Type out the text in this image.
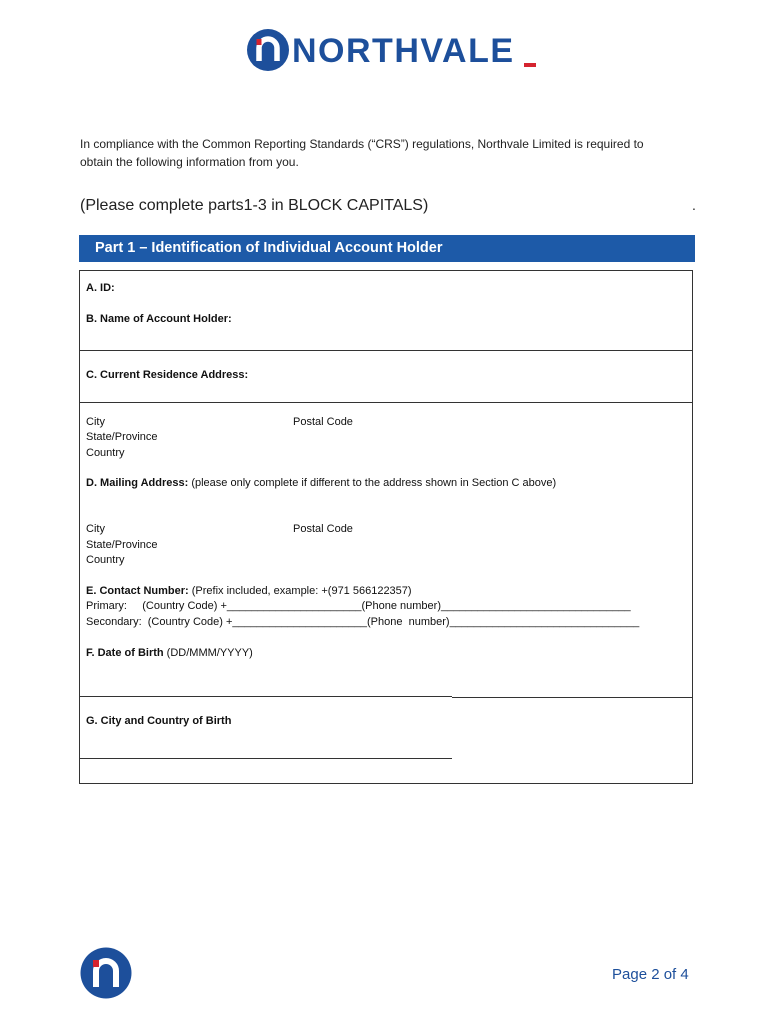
NORTHVALE
In compliance with the Common Reporting Standards (“CRS”) regulations, Northvale Limited is required to
obtain the following information from you.
(Please complete parts1-3 in BLOCK CAPITALS)	.
Part 1 – Identification of Individual Account Holder
A. ID:
B. Name of Account Holder:
C. Current Residence Address:
City	Postal Code
State/Province
Country
D. Mailing Address: (please only complete if different to the address shown in Section C above)
City	Postal Code
State/Province
Country
E. Contact Number: (Prefix included, example: +(971 566122357)
Primary:     (Country Code) +______________________(Phone number)_______________________________
Secondary:  (Country Code) +______________________(Phone  number)_______________________________
F. Date of Birth (DD/MMM/YYYY)
G. City and Country of Birth
Page 2 of 4
